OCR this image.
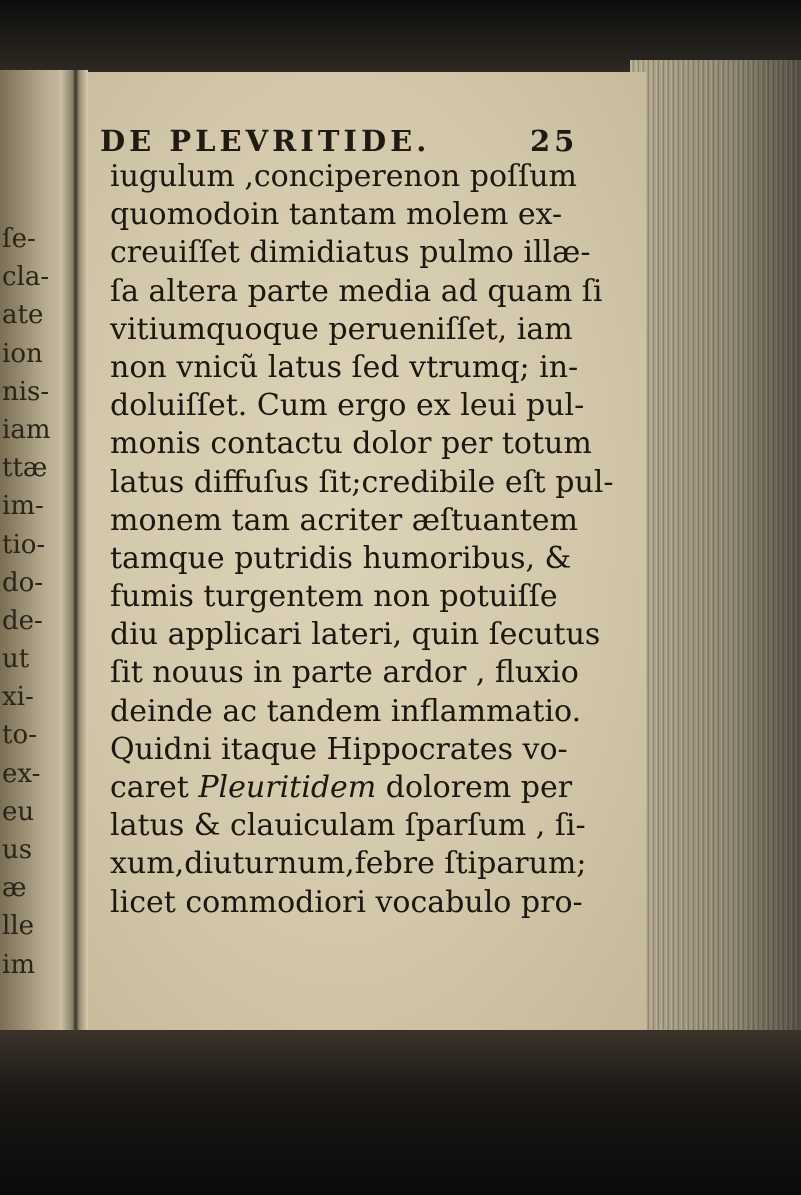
ſe-
cla-
ate
ion
nis-
iam
ttæ
im-
tio-
do-
de-
ut
xi-
to-
ex-
eu
us
æ
lle
im
DE PLEVRITIDE.	25
iugulum ,conciperenon poſſum
quomodoin tantam molem ex-
creuiſſet dimidiatus pulmo illæ-
ſa altera parte media ad quam ſi
vitiumquoque perueniſſet, iam
non vnicũ latus ſed vtrumq; in-
doluiſſet. Cum ergo ex leui pul-
monis contactu dolor per totum
latus diffuſus ſit;credibile eſt pul-
monem tam acriter æſtuantem
tamque putridis humoribus, &
fumis turgentem non potuiſſe
diu applicari lateri, quin ſecutus
ſit nouus in parte ardor , fluxio
deinde ac tandem inflammatio.
Quidni itaque Hippocrates vo-
caret Pleuritidem dolorem per
latus & clauiculam ſparſum , ſi-
xum,diuturnum,febre ſtiparum;
licet commodiori vocabulo pro-
